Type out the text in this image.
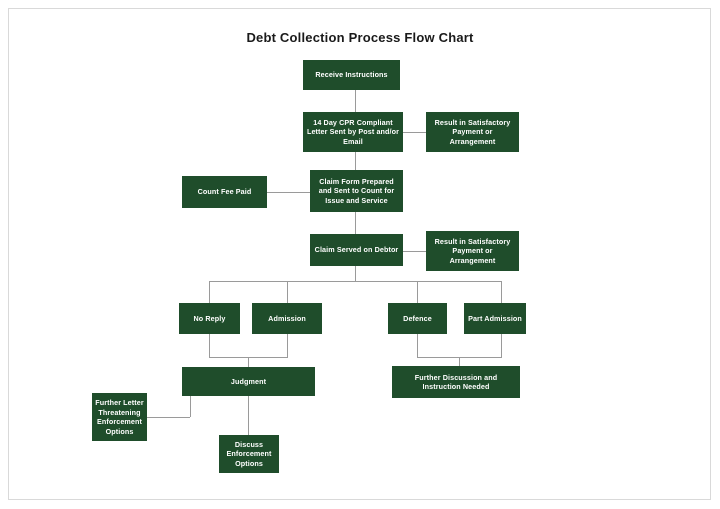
Debt Collection Process Flow Chart
Receive Instructions
14 Day CPR Compliant Letter Sent by Post and/or Email
Result in Satisfactory Payment or Arrangement
Count Fee Paid
Claim Form Prepared and Sent to Count for Issue and Service
Claim Served on Debtor
Result in Satisfactory Payment or Arrangement
No Reply	Admission	Defence	Part Admission
Judgment	Further Discussion and Instruction Needed
Further Letter Threatening Enforcement Options
Discuss Enforcement Options
